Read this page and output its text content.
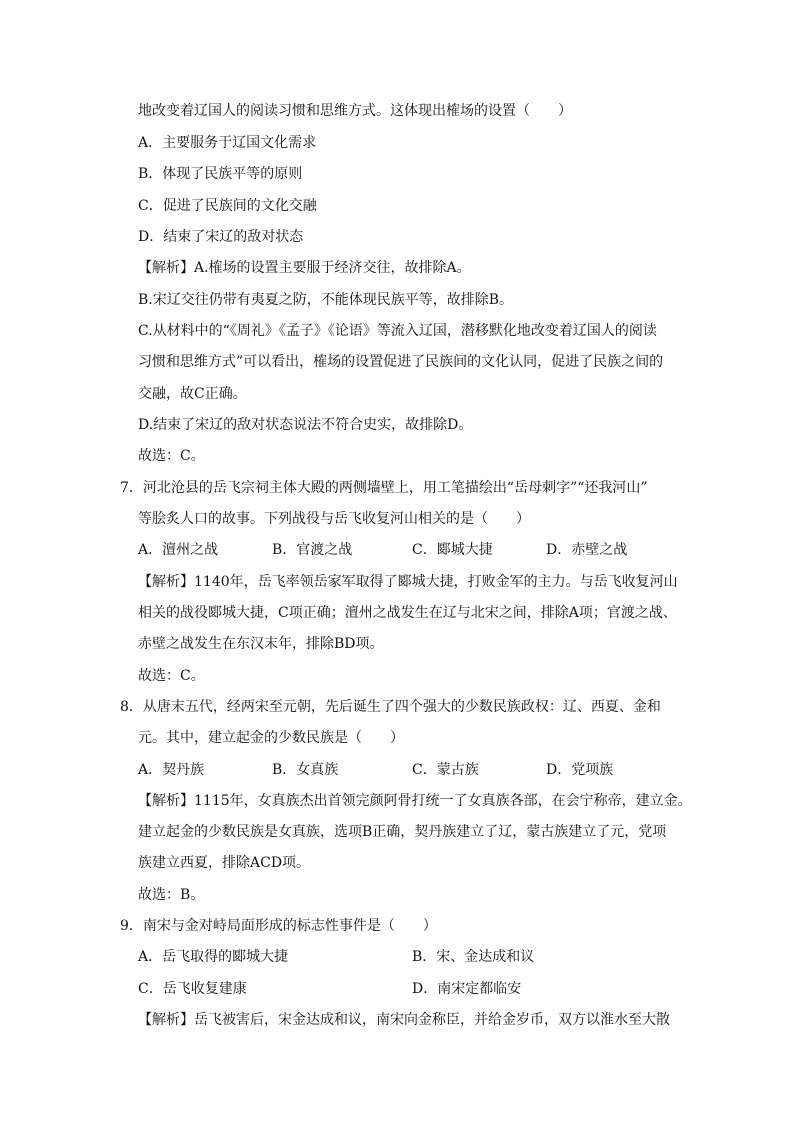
地改变着辽国人的阅读习惯和思维方式。这体现出榷场的设置（　　）
A．主要服务于辽国文化需求
B．体现了民族平等的原则
C．促进了民族间的文化交融
D．结束了宋辽的敌对状态
【解析】A.榷场的设置主要服于经济交往，故排除A。
B.宋辽交往仍带有夷夏之防，不能体现民族平等，故排除B。
C.从材料中的“《周礼》《孟子》《论语》等流入辽国，潜移默化地改变着辽国人的阅读
习惯和思维方式”可以看出，榷场的设置促进了民族间的文化认同，促进了民族之间的
交融，故C正确。
D.结束了宋辽的敌对状态说法不符合史实，故排除D。
故选：C。
7．河北沧县的岳飞宗祠主体大殿的两侧墙壁上，用工笔描绘出“岳母刺字”“还我河山”
等脍炙人口的故事。下列战役与岳飞收复河山相关的是（　　）
A．澶州之战	B．官渡之战	C．郾城大捷	D．赤壁之战
【解析】1140年，岳飞率领岳家军取得了郾城大捷，打败金军的主力。与岳飞收复河山
相关的战役郾城大捷，C项正确；澶州之战发生在辽与北宋之间，排除A项；官渡之战、
赤壁之战发生在东汉末年，排除BD项。
故选：C。
8．从唐末五代，经两宋至元朝，先后诞生了四个强大的少数民族政权：辽、西夏、金和
元。其中，建立起金的少数民族是（　　）
A．契丹族	B．女真族	C．蒙古族	D．党项族
【解析】1115年，女真族杰出首领完颜阿骨打统一了女真族各部，在会宁称帝，建立金。
建立起金的少数民族是女真族，选项B正确，契丹族建立了辽，蒙古族建立了元，党项
族建立西夏，排除ACD项。
故选：B。
9．南宋与金对峙局面形成的标志性事件是（　　）
A．岳飞取得的郾城大捷	B．宋、金达成和议
C．岳飞收复建康	D．南宋定都临安
【解析】岳飞被害后，宋金达成和议，南宋向金称臣，并给金岁币，双方以淮水至大散
